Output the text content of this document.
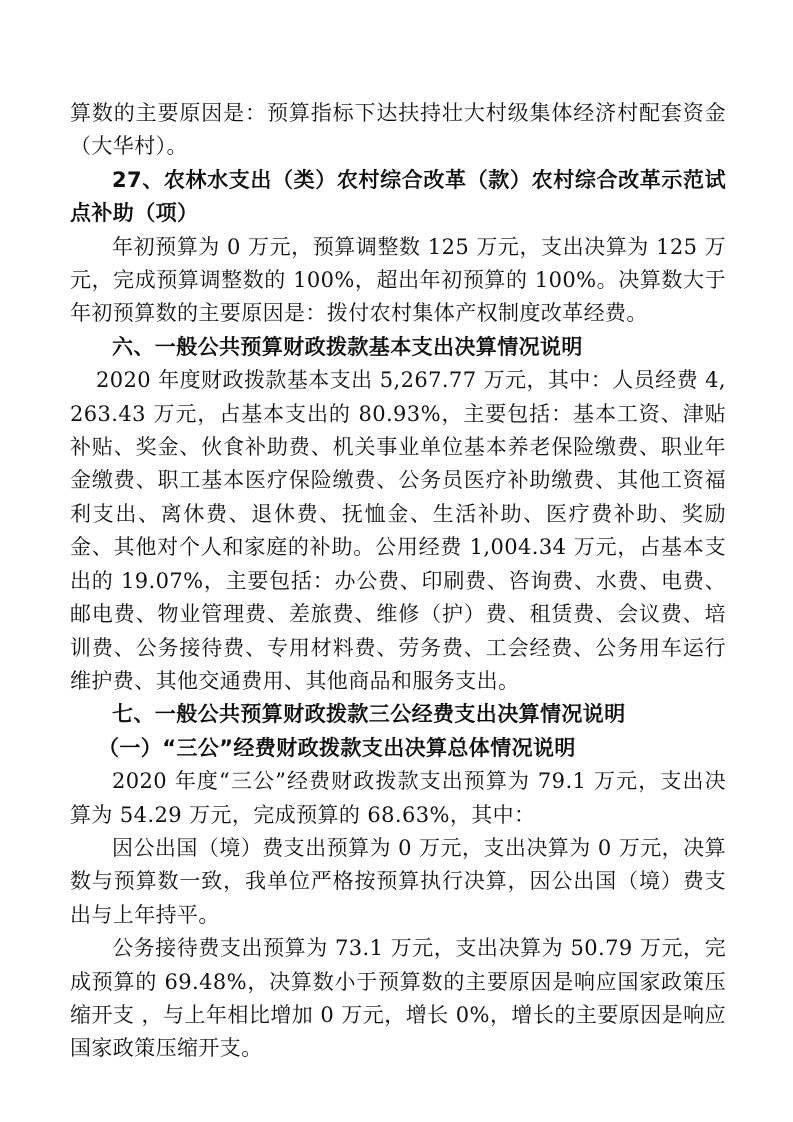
算数的主要原因是：预算指标下达扶持壮大村级集体经济村配套资金（大华村）。

27、农林水支出（类）农村综合改革（款）农村综合改革示范试点补助（项）

年初预算为 0 万元，预算调整数 125 万元，支出决算为 125 万元，完成预算调整数的 100%，超出年初预算的 100%。决算数大于年初预算数的主要原因是：拨付农村集体产权制度改革经费。

六、一般公共预算财政拨款基本支出决算情况说明

2020 年度财政拨款基本支出 5,267.77 万元，其中：人员经费 4,263.43 万元，占基本支出的 80.93%，主要包括：基本工资、津贴补贴、奖金、伙食补助费、机关事业单位基本养老保险缴费、职业年金缴费、职工基本医疗保险缴费、公务员医疗补助缴费、其他工资福利支出、离休费、退休费、抚恤金、生活补助、医疗费补助、奖励金、其他对个人和家庭的补助。公用经费 1,004.34 万元，占基本支出的 19.07%，主要包括：办公费、印刷费、咨询费、水费、电费、邮电费、物业管理费、差旅费、维修（护）费、租赁费、会议费、培训费、公务接待费、专用材料费、劳务费、工会经费、公务用车运行维护费、其他交通费用、其他商品和服务支出。

七、一般公共预算财政拨款三公经费支出决算情况说明

（一）“三公”经费财政拨款支出决算总体情况说明

2020 年度“三公”经费财政拨款支出预算为 79.1 万元，支出决算为 54.29 万元，完成预算的 68.63%，其中：

因公出国（境）费支出预算为 0 万元，支出决算为 0 万元，决算数与预算数一致，我单位严格按预算执行决算，因公出国（境）费支出与上年持平。

公务接待费支出预算为 73.1 万元，支出决算为 50.79 万元，完成预算的 69.48%，决算数小于预算数的主要原因是响应国家政策压缩开支 ，与上年相比增加 0 万元，增长 0%，增长的主要原因是响应国家政策压缩开支。
